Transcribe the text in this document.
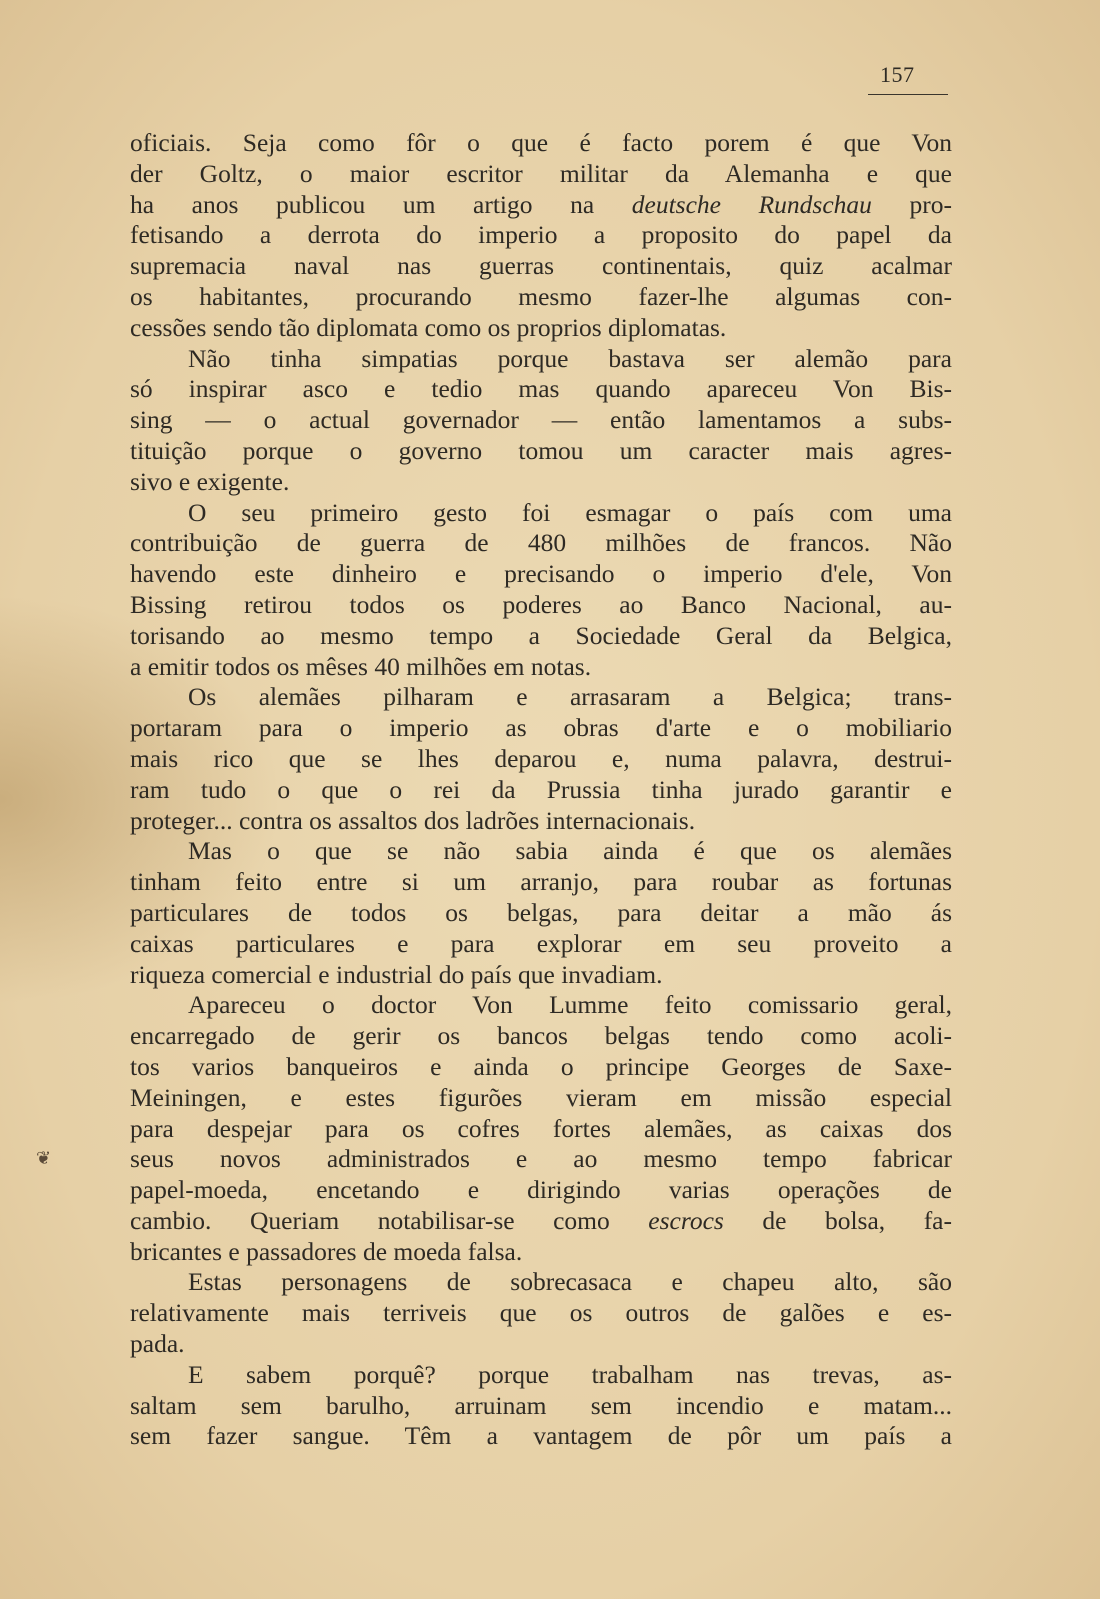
157
❦
oficiais. Seja como fôr o que é facto porem é que Von
der Goltz, o maior escritor militar da Alemanha e que
ha anos publicou um artigo na deutsche Rundschau pro-
fetisando a derrota do imperio a proposito do papel da
supremacia naval nas guerras continentais, quiz acalmar
os habitantes, procurando mesmo fazer-lhe algumas con-
cessões sendo tão diplomata como os proprios diplomatas.
Não tinha simpatias porque bastava ser alemão para
só inspirar asco e tedio mas quando apareceu Von Bis-
sing — o actual governador — então lamentamos a subs-
tituição porque o governo tomou um caracter mais agres-
sivo e exigente.
O seu primeiro gesto foi esmagar o país com uma
contribuição de guerra de 480 milhões de francos. Não
havendo este dinheiro e precisando o imperio d'ele, Von
Bissing retirou todos os poderes ao Banco Nacional, au-
torisando ao mesmo tempo a Sociedade Geral da Belgica,
a emitir todos os mêses 40 milhões em notas.
Os alemães pilharam e arrasaram a Belgica; trans-
portaram para o imperio as obras d'arte e o mobiliario
mais rico que se lhes deparou e, numa palavra, destrui-
ram tudo o que o rei da Prussia tinha jurado garantir e
proteger... contra os assaltos dos ladrões internacionais.
Mas o que se não sabia ainda é que os alemães
tinham feito entre si um arranjo, para roubar as fortunas
particulares de todos os belgas, para deitar a mão ás
caixas particulares e para explorar em seu proveito a
riqueza comercial e industrial do país que invadiam.
Apareceu o doctor Von Lumme feito comissario geral,
encarregado de gerir os bancos belgas tendo como acoli-
tos varios banqueiros e ainda o principe Georges de Saxe-
Meiningen, e estes figurões vieram em missão especial
para despejar para os cofres fortes alemães, as caixas dos
seus novos administrados e ao mesmo tempo fabricar
papel-moeda, encetando e dirigindo varias operações de
cambio. Queriam notabilisar-se como escrocs de bolsa, fa-
bricantes e passadores de moeda falsa.
Estas personagens de sobrecasaca e chapeu alto, são
relativamente mais terriveis que os outros de galões e es-
pada.
E sabem porquê? porque trabalham nas trevas, as-
saltam sem barulho, arruinam sem incendio e matam...
sem fazer sangue. Têm a vantagem de pôr um país a
